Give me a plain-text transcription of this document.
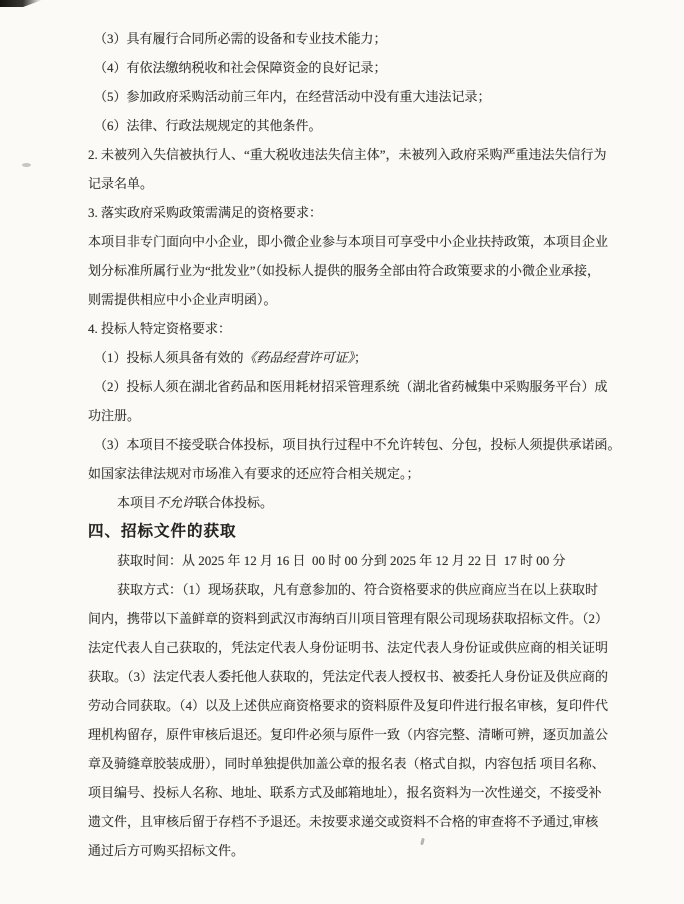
（3）具有履行合同所必需的设备和专业技术能力；
（4）有依法缴纳税收和社会保障资金的良好记录；
（5）参加政府采购活动前三年内，在经营活动中没有重大违法记录；
（6）法律、行政法规规定的其他条件。
2. 未被列入失信被执行人、“重大税收违法失信主体”，未被列入政府采购严重违法失信行为
记录名单。
3. 落实政府采购政策需满足的资格要求：
本项目非专门面向中小企业，即小微企业参与本项目可享受中小企业扶持政策，本项目企业
划分标准所属行业为“批发业”（如投标人提供的服务全部由符合政策要求的小微企业承接，
则需提供相应中小企业声明函）。
4. 投标人特定资格要求：
（1）投标人须具备有效的《药品经营许可证》；
（2）投标人须在湖北省药品和医用耗材招采管理系统（湖北省药械集中采购服务平台）成
功注册。
（3）本项目不接受联合体投标，项目执行过程中不允许转包、分包，投标人须提供承诺函。
如国家法律法规对市场准入有要求的还应符合相关规定。；
本项目不允许联合体投标。
四、招标文件的获取
获取时间：从 2025 年 12 月 16 日  00 时 00 分到 2025 年 12 月 22 日  17 时 00 分
获取方式：（1）现场获取，凡有意参加的、符合资格要求的供应商应当在以上获取时
间内，携带以下盖鲜章的资料到武汉市海纳百川项目管理有限公司现场获取招标文件。（2）
法定代表人自己获取的，凭法定代表人身份证明书、法定代表人身份证或供应商的相关证明
获取。（3）法定代表人委托他人获取的，凭法定代表人授权书、被委托人身份证及供应商的
劳动合同获取。（4）以及上述供应商资格要求的资料原件及复印件进行报名审核，复印件代
理机构留存，原件审核后退还。复印件必须与原件一致（内容完整、清晰可辨，逐页加盖公
章及骑缝章胶装成册），同时单独提供加盖公章的报名表（格式自拟，内容包括 项目名称、
项目编号、投标人名称、地址、联系方式及邮箱地址），报名资料为一次性递交，不接受补
遗文件，且审核后留于存档不予退还。未按要求递交或资料不合格的审查将不予通过,审核
通过后方可购买招标文件。
